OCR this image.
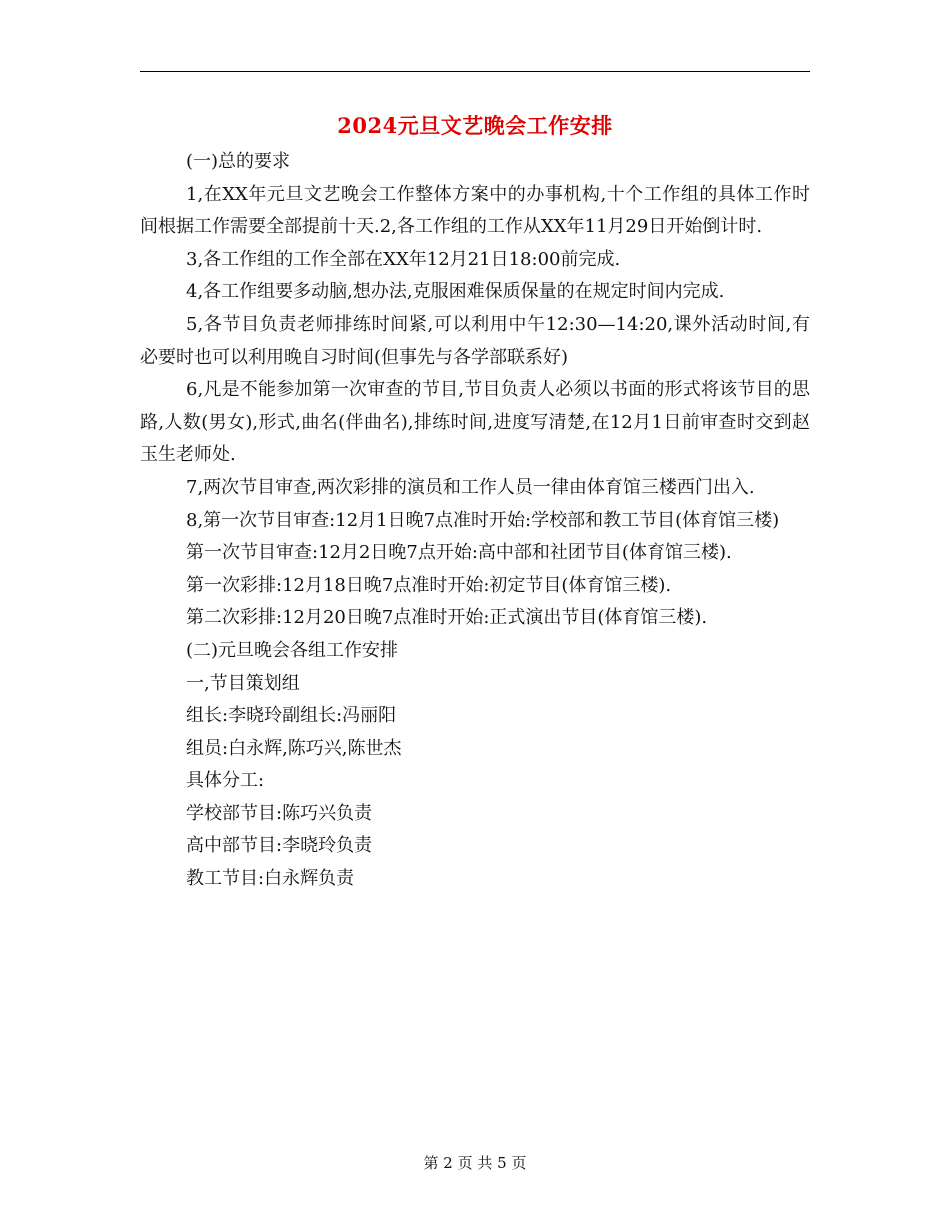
2024元旦文艺晚会工作安排

(一)总的要求

1,在XX年元旦文艺晚会工作整体方案中的办事机构,十个工作组的具体工作时间根据工作需要全部提前十天.2,各工作组的工作从XX年11月29日开始倒计时.

3,各工作组的工作全部在XX年12月21日18:00前完成.

4,各工作组要多动脑,想办法,克服困难保质保量的在规定时间内完成.

5,各节目负责老师排练时间紧,可以利用中午12:30—14:20,课外活动时间,有必要时也可以利用晚自习时间(但事先与各学部联系好)

6,凡是不能参加第一次审查的节目,节目负责人必须以书面的形式将该节目的思路,人数(男女),形式,曲名(伴曲名),排练时间,进度写清楚,在12月1日前审查时交到赵玉生老师处.

7,两次节目审查,两次彩排的演员和工作人员一律由体育馆三楼西门出入.

8,第一次节目审查:12月1日晚7点准时开始:学校部和教工节目(体育馆三楼)

第一次节目审查:12月2日晚7点开始:高中部和社团节目(体育馆三楼).

第一次彩排:12月18日晚7点准时开始:初定节目(体育馆三楼).

第二次彩排:12月20日晚7点准时开始:正式演出节目(体育馆三楼).

(二)元旦晚会各组工作安排

一,节目策划组

组长:李晓玲副组长:冯丽阳

组员:白永辉,陈巧兴,陈世杰

具体分工:

学校部节目:陈巧兴负责

高中部节目:李晓玲负责

教工节目:白永辉负责

第 2 页 共 5 页
